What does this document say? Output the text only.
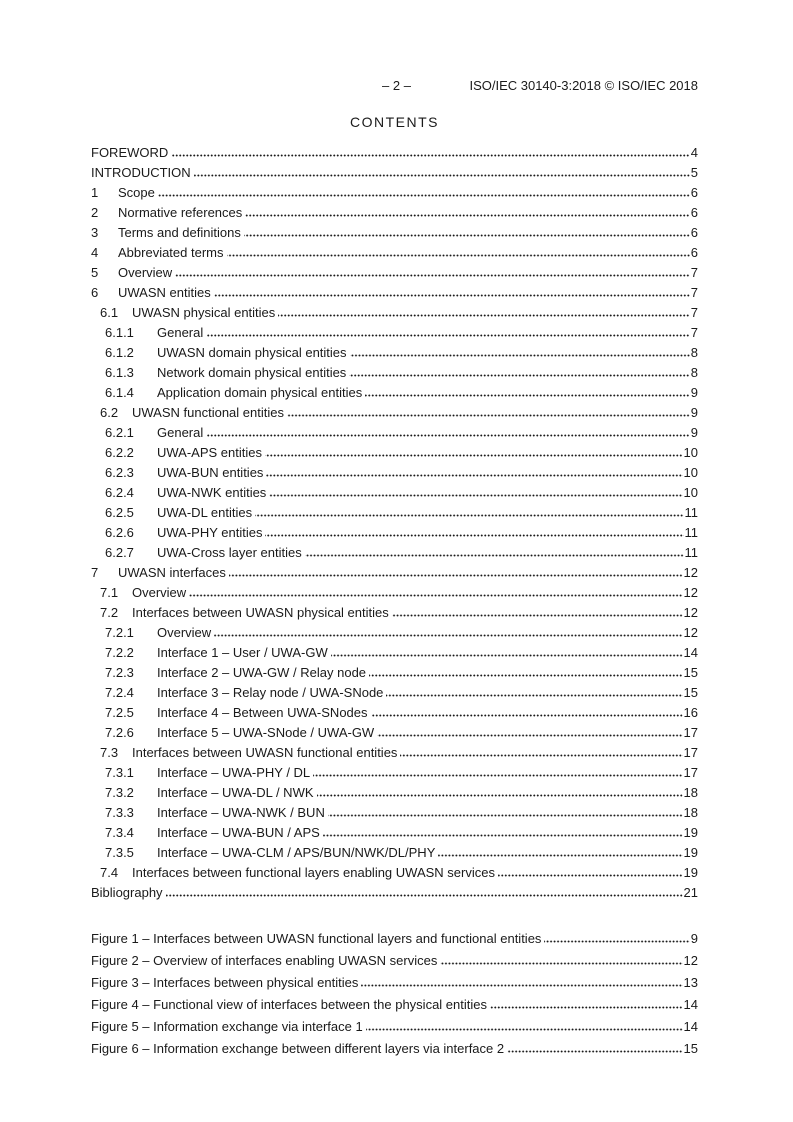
– 2 –	ISO/IEC 30140-3:2018 © ISO/IEC 2018
CONTENTS
FOREWORD	4
INTRODUCTION	5
1	Scope	6
2	Normative references	6
3	Terms and definitions	6
4	Abbreviated terms	6
5	Overview	7
6	UWASN entities	7
6.1	UWASN physical entities	7
6.1.1	General	7
6.1.2	UWASN domain physical entities	8
6.1.3	Network domain physical entities	8
6.1.4	Application domain physical entities	9
6.2	UWASN functional entities	9
6.2.1	General	9
6.2.2	UWA-APS entities	10
6.2.3	UWA-BUN entities	10
6.2.4	UWA-NWK entities	10
6.2.5	UWA-DL entities	11
6.2.6	UWA-PHY entities	11
6.2.7	UWA-Cross layer entities	11
7	UWASN interfaces	12
7.1	Overview	12
7.2	Interfaces between UWASN physical entities	12
7.2.1	Overview	12
7.2.2	Interface 1 – User / UWA-GW	14
7.2.3	Interface 2 – UWA-GW / Relay node	15
7.2.4	Interface 3 – Relay node / UWA-SNode	15
7.2.5	Interface 4 – Between UWA-SNodes	16
7.2.6	Interface 5 – UWA-SNode / UWA-GW	17
7.3	Interfaces between UWASN functional entities	17
7.3.1	Interface – UWA-PHY / DL	17
7.3.2	Interface – UWA-DL / NWK	18
7.3.3	Interface – UWA-NWK / BUN	18
7.3.4	Interface – UWA-BUN / APS	19
7.3.5	Interface – UWA-CLM / APS/BUN/NWK/DL/PHY	19
7.4	Interfaces between functional layers enabling UWASN services	19
Bibliography	21
Figure 1 – Interfaces between UWASN functional layers and functional entities	9
Figure 2 – Overview of interfaces enabling UWASN services	12
Figure 3 – Interfaces between physical entities	13
Figure 4 – Functional view of interfaces between the physical entities	14
Figure 5 – Information exchange via interface 1	14
Figure 6 – Information exchange between different layers via interface 2	15
